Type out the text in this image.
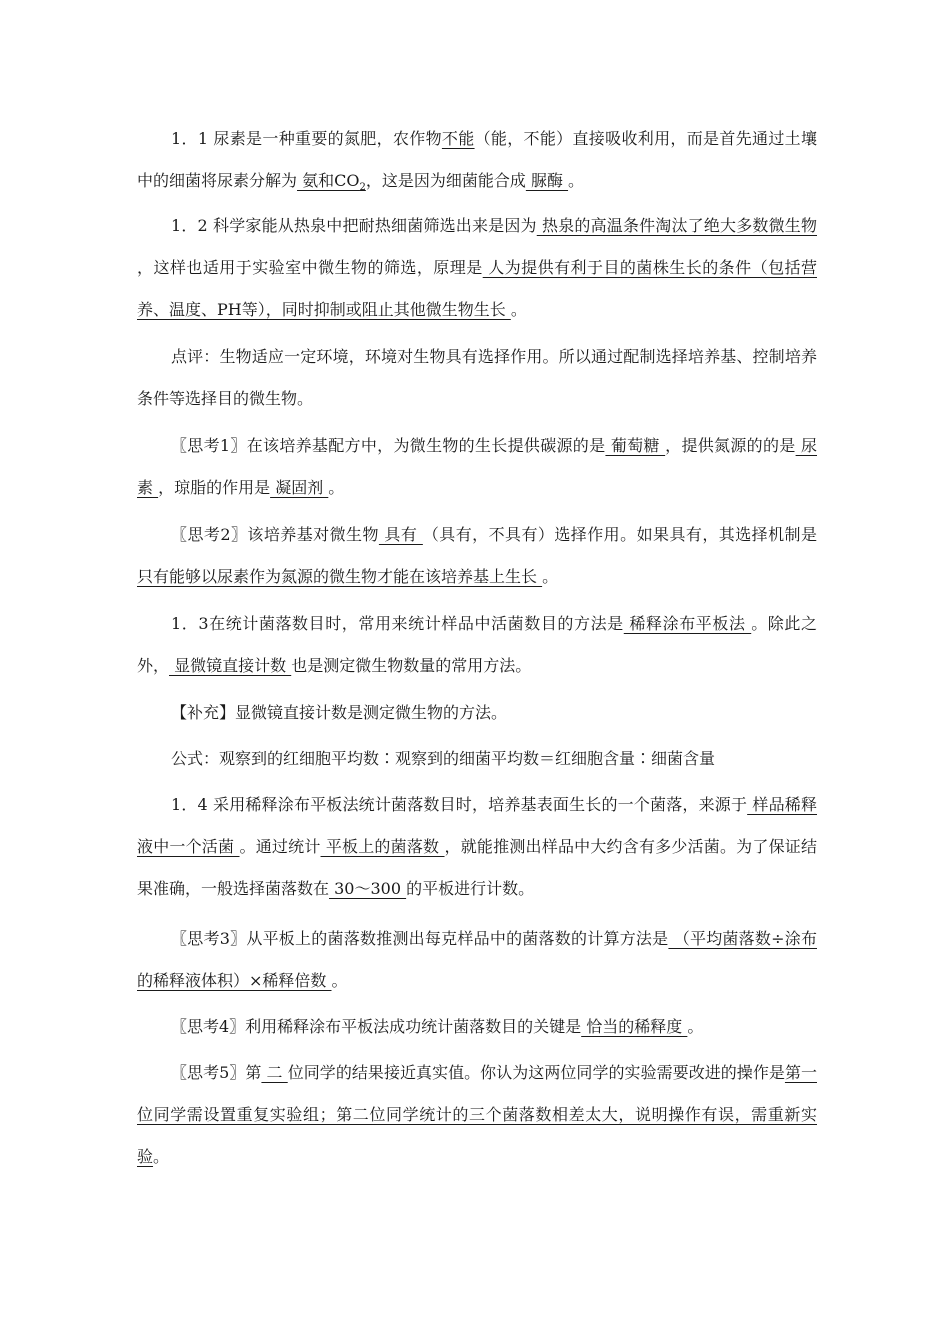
1．1 尿素是一种重要的氮肥，农作物不能（能，不能）直接吸收利用，而是首先通过土壤中的细菌将尿素分解为 氨和$CO_2$，这是因为细菌能合成 脲酶 。

1．2 科学家能从热泉中把耐热细菌筛选出来是因为 热泉的高温条件淘汰了绝大多数微生物 ，这样也适用于实验室中微生物的筛选，原理是 人为提供有利于目的菌株生长的条件（包括营养、温度、PH等），同时抑制或阻止其他微生物生长 。

点评：生物适应一定环境，环境对生物具有选择作用。所以通过配制选择培养基、控制培养条件等选择目的微生物。

〖思考1〗在该培养基配方中，为微生物的生长提供碳源的是 葡萄糖 ，提供氮源的的是 尿素 ，琼脂的作用是 凝固剂 。

〖思考2〗该培养基对微生物 具有 （具有，不具有）选择作用。如果具有，其选择机制是 只有能够以尿素作为氮源的微生物才能在该培养基上生长 。

1．3在统计菌落数目时，常用来统计样品中活菌数目的方法是 稀释涂布平板法 。除此之外， 显微镜直接计数 也是测定微生物数量的常用方法。

【补充】显微镜直接计数是测定微生物的方法。

公式：观察到的红细胞平均数∶观察到的细菌平均数＝红细胞含量∶细菌含量

1．4 采用稀释涂布平板法统计菌落数目时，培养基表面生长的一个菌落，来源于 样品稀释液中一个活菌 。通过统计 平板上的菌落数 ，就能推测出样品中大约含有多少活菌。为了保证结果准确，一般选择菌落数在 30～300 的平板进行计数。

〖思考3〗从平板上的菌落数推测出每克样品中的菌落数的计算方法是 （平均菌落数÷涂布的稀释液体积）×稀释倍数 。

〖思考4〗利用稀释涂布平板法成功统计菌落数目的关键是 恰当的稀释度 。

〖思考5〗第 二 位同学的结果接近真实值。你认为这两位同学的实验需要改进的操作是第一位同学需设置重复实验组；第二位同学统计的三个菌落数相差太大，说明操作有误，需重新实验。
